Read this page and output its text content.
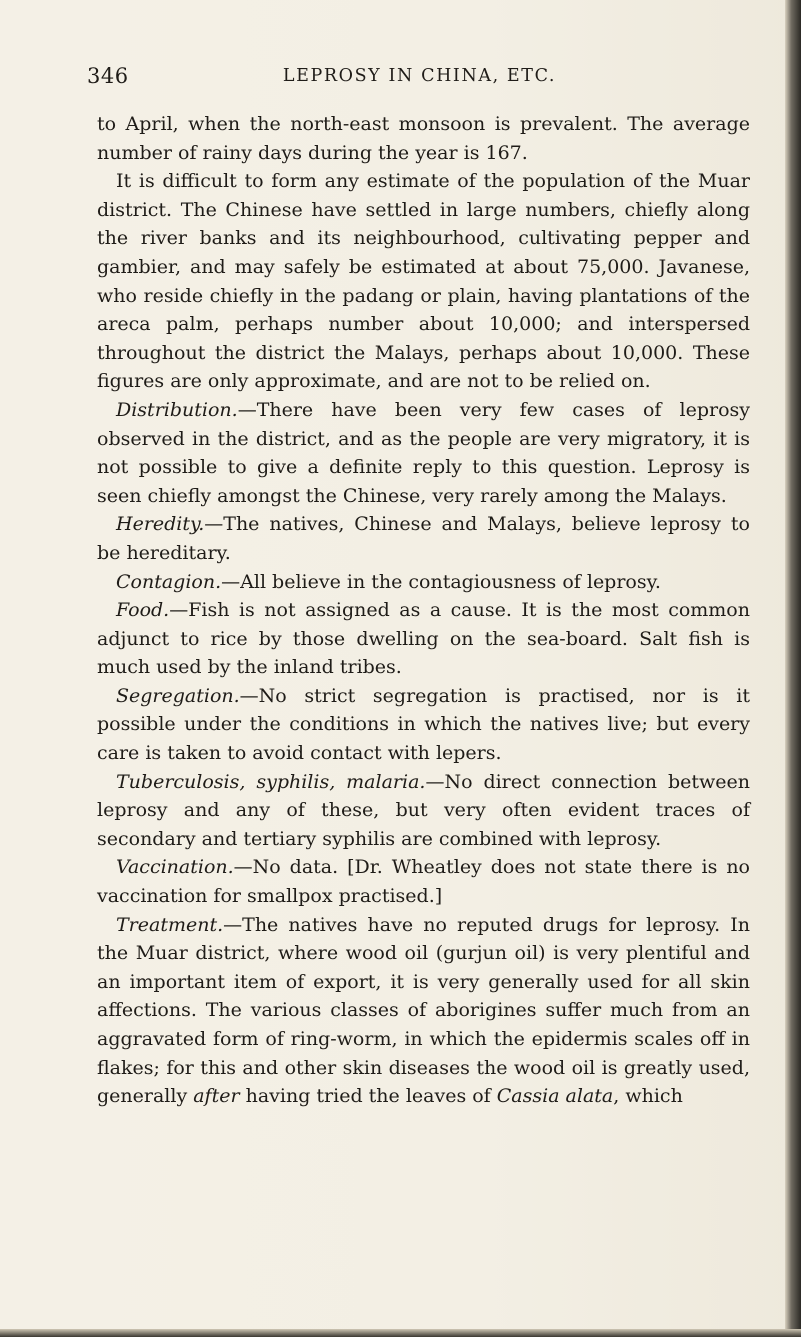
346	LEPROSY IN CHINA, ETC.

to April, when the north-east monsoon is prevalent. The average number of rainy days during the year is 167.

It is difficult to form any estimate of the population of the Muar district. The Chinese have settled in large numbers, chiefly along the river banks and its neighbourhood, cultivating pepper and gambier, and may safely be estimated at about 75,000. Javanese, who reside chiefly in the padang or plain, having plantations of the areca palm, perhaps number about 10,000; and interspersed throughout the district the Malays, perhaps about 10,000. These figures are only approximate, and are not to be relied on.

Distribution.—There have been very few cases of leprosy observed in the district, and as the people are very migratory, it is not possible to give a definite reply to this question. Leprosy is seen chiefly amongst the Chinese, very rarely among the Malays.

Heredity.—The natives, Chinese and Malays, believe leprosy to be hereditary.

Contagion.—All believe in the contagiousness of leprosy.

Food.—Fish is not assigned as a cause. It is the most common adjunct to rice by those dwelling on the sea-board. Salt fish is much used by the inland tribes.

Segregation.—No strict segregation is practised, nor is it possible under the conditions in which the natives live; but every care is taken to avoid contact with lepers.

Tuberculosis, syphilis, malaria.—No direct connection between leprosy and any of these, but very often evident traces of secondary and tertiary syphilis are combined with leprosy.

Vaccination.—No data. [Dr. Wheatley does not state there is no vaccination for smallpox practised.]

Treatment.—The natives have no reputed drugs for leprosy. In the Muar district, where wood oil (gurjun oil) is very plentiful and an important item of export, it is very generally used for all skin affections. The various classes of aborigines suffer much from an aggravated form of ring-worm, in which the epidermis scales off in flakes; for this and other skin diseases the wood oil is greatly used, generally after having tried the leaves of Cassia alata, which
